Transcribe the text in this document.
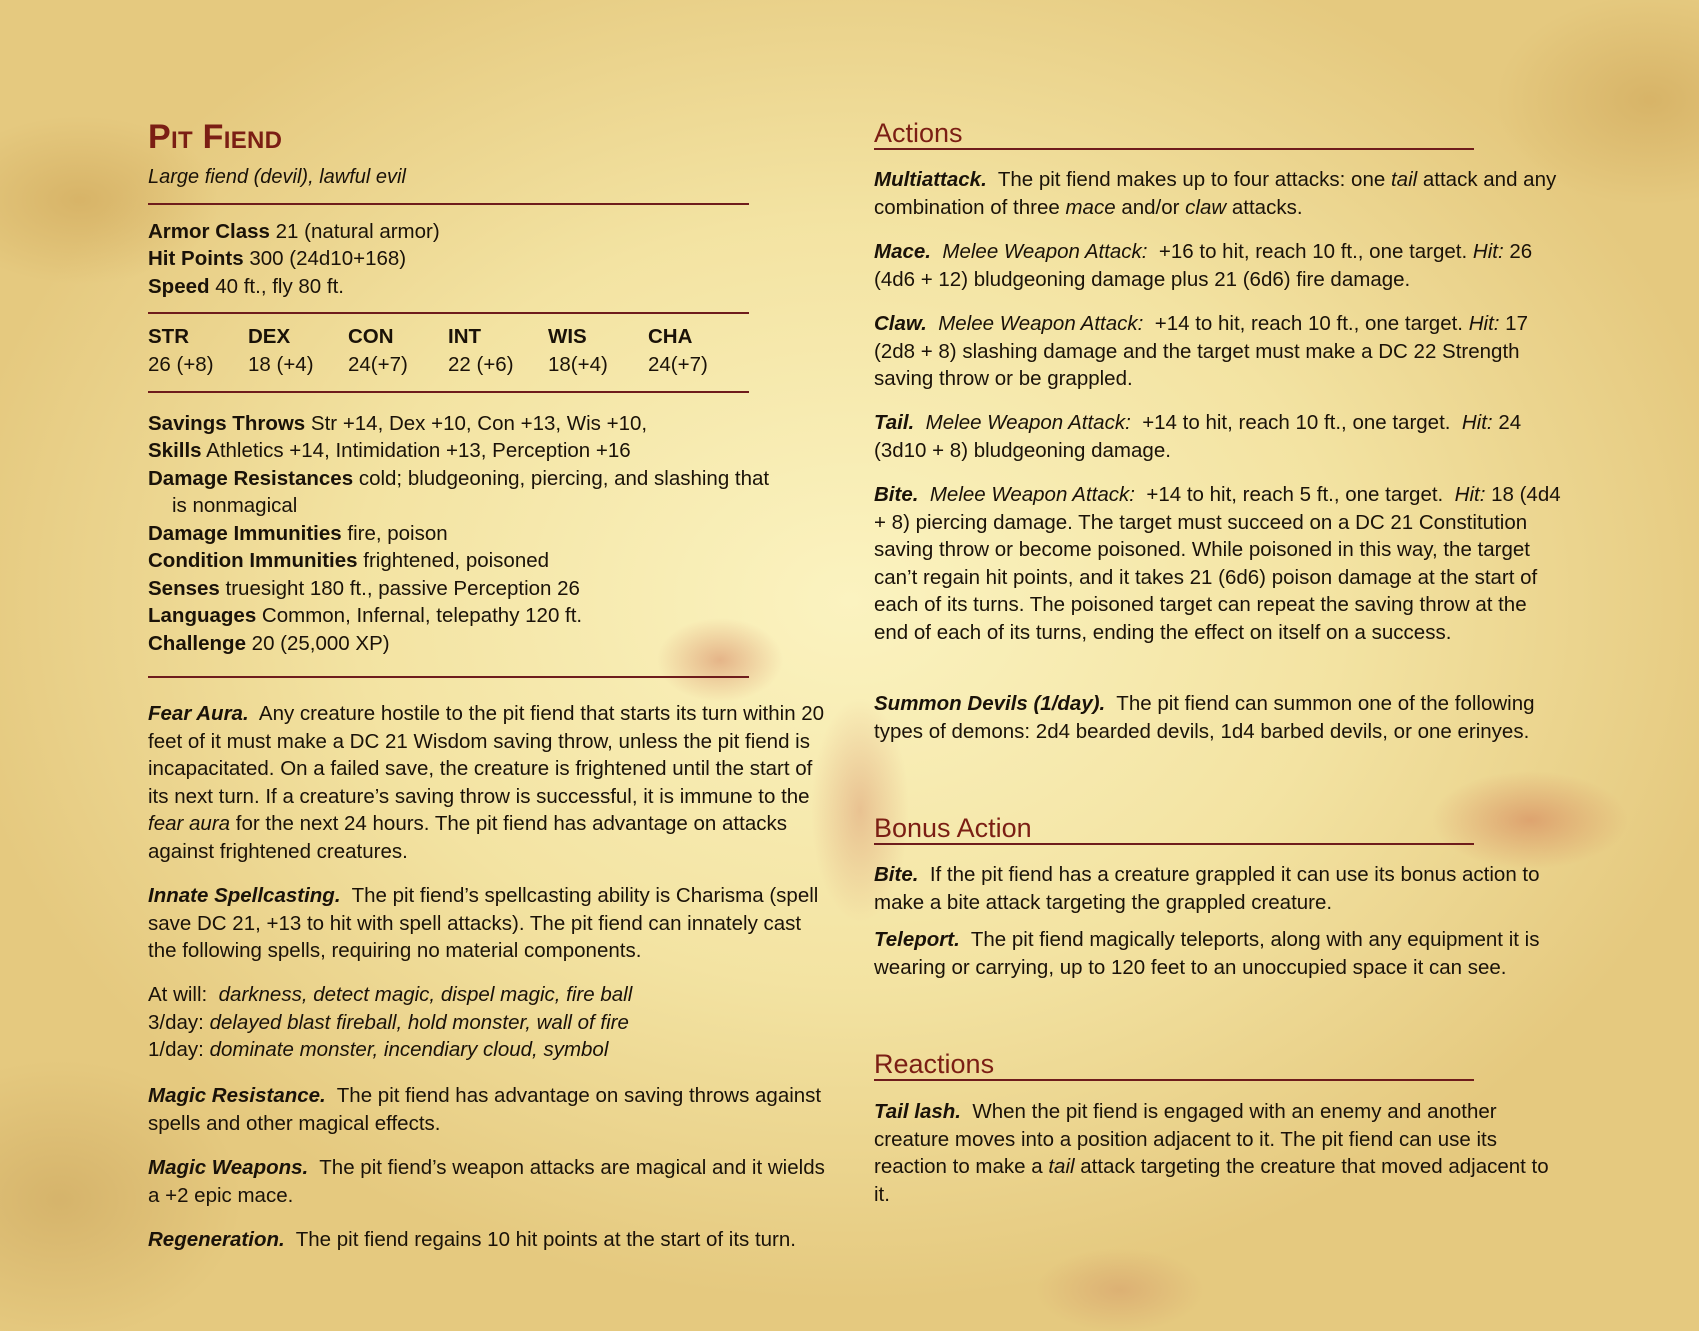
Pit Fiend
Large fiend (devil), lawful evil
Armor Class 21 (natural armor)
Hit Points 300 (24d10+168)
Speed 40 ft., fly 80 ft.
STR	DEX	CON	INT	WIS	CHA
26 (+8) 18 (+4) 24(+7) 22 (+6) 18(+4) 24(+7)
Savings Throws Str +14, Dex +10, Con +13, Wis +10,
Skills Athletics +14, Intimidation +13, Perception +16
Damage Resistances cold; bludgeoning, piercing, and slashing that
is nonmagical
Damage Immunities fire, poison
Condition Immunities frightened, poisoned
Senses truesight 180 ft., passive Perception 26
Languages Common, Infernal, telepathy 120 ft.
Challenge 20 (25,000 XP)
Fear Aura. Any creature hostile to the pit fiend that starts its turn within 20 feet of it must make a DC 21 Wisdom saving throw, unless the pit fiend is incapacitated. On a failed save, the creature is frightened until the start of its next turn. If a creature’s saving throw is successful, it is immune to the fear aura for the next 24 hours. The pit fiend has advantage on attacks against frightened creatures.
Innate Spellcasting. The pit fiend’s spellcasting ability is Charisma (spell save DC 21, +13 to hit with spell attacks). The pit fiend can innately cast the following spells, requiring no material components.
At will: darkness, detect magic, dispel magic, fire ball
3/day: delayed blast fireball, hold monster, wall of fire
1/day: dominate monster, incendiary cloud, symbol
Magic Resistance. The pit fiend has advantage on saving throws against spells and other magical effects.
Magic Weapons. The pit fiend’s weapon attacks are magical and it wields a +2 epic mace.
Regeneration. The pit fiend regains 10 hit points at the start of its turn.
Actions
Multiattack. The pit fiend makes up to four attacks: one tail attack and any combination of three mace and/or claw attacks.
Mace. Melee Weapon Attack: +16 to hit, reach 10 ft., one target. Hit: 26 (4d6 + 12) bludgeoning damage plus 21 (6d6) fire damage.
Claw. Melee Weapon Attack: +14 to hit, reach 10 ft., one target. Hit: 17 (2d8 + 8) slashing damage and the target must make a DC 22 Strength saving throw or be grappled.
Tail. Melee Weapon Attack: +14 to hit, reach 10 ft., one target. Hit: 24 (3d10 + 8) bludgeoning damage.
Bite. Melee Weapon Attack: +14 to hit, reach 5 ft., one target. Hit: 18 (4d4 + 8) piercing damage. The target must succeed on a DC 21 Constitution saving throw or become poisoned. While poisoned in this way, the target can’t regain hit points, and it takes 21 (6d6) poison damage at the start of each of its turns. The poisoned target can repeat the saving throw at the end of each of its turns, ending the effect on itself on a success.
Summon Devils (1/day). The pit fiend can summon one of the following types of demons: 2d4 bearded devils, 1d4 barbed devils, or one erinyes.
Bonus Action
Bite. If the pit fiend has a creature grappled it can use its bonus action to make a bite attack targeting the grappled creature.
Teleport. The pit fiend magically teleports, along with any equipment it is wearing or carrying, up to 120 feet to an unoccupied space it can see.
Reactions
Tail lash. When the pit fiend is engaged with an enemy and another creature moves into a position adjacent to it. The pit fiend can use its reaction to make a tail attack targeting the creature that moved adjacent to it.
